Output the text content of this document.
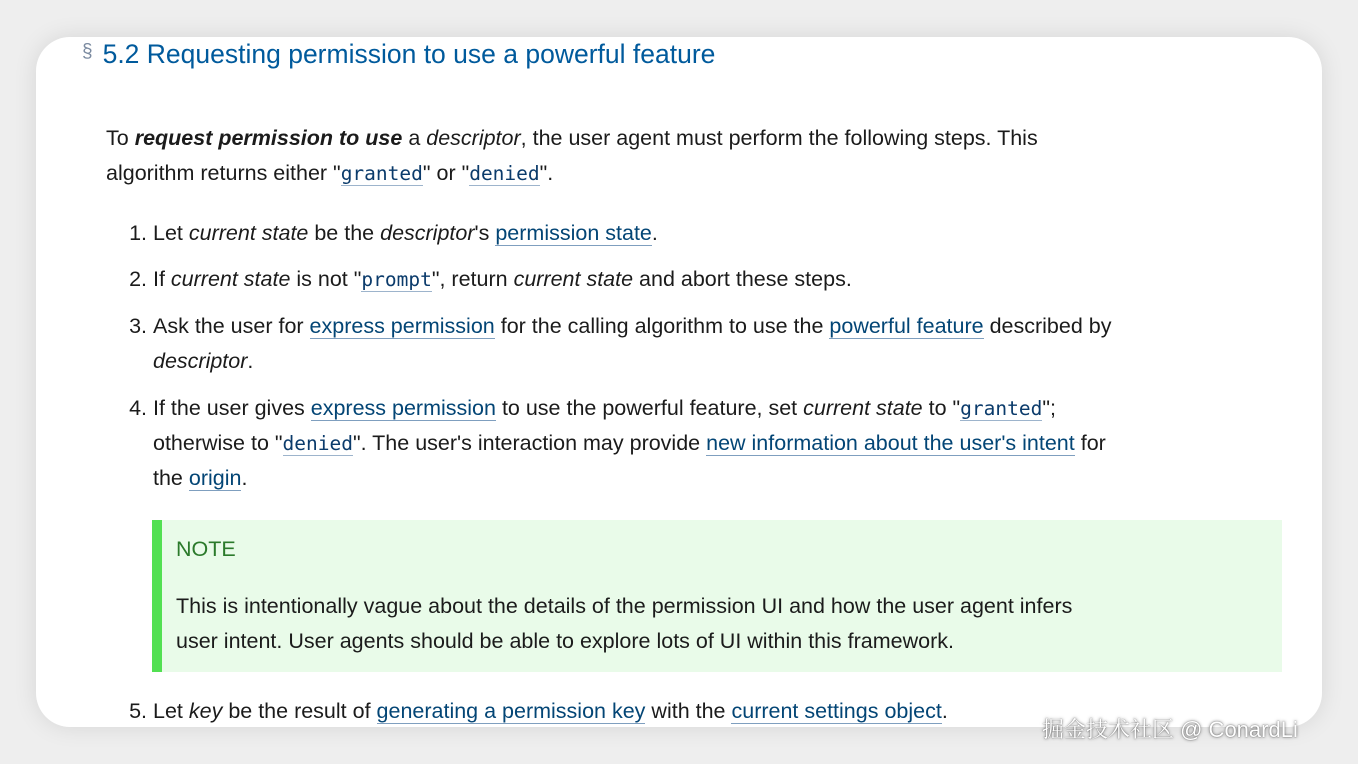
§ 5.2 Requesting permission to use a powerful feature
To request permission to use a descriptor, the user agent must perform the following steps. This
algorithm returns either "granted" or "denied".
1. Let current state be the descriptor's permission state.
2. If current state is not "prompt", return current state and abort these steps.
3. Ask the user for express permission for the calling algorithm to use the powerful feature described by
descriptor.
4. If the user gives express permission to use the powerful feature, set current state to "granted";
otherwise to "denied". The user's interaction may provide new information about the user's intent for
the origin.
NOTE
This is intentionally vague about the details of the permission UI and how the user agent infers
user intent. User agents should be able to explore lots of UI within this framework.
5. Let key be the result of generating a permission key with the current settings object.
掘金技术社区 @ ConardLi
